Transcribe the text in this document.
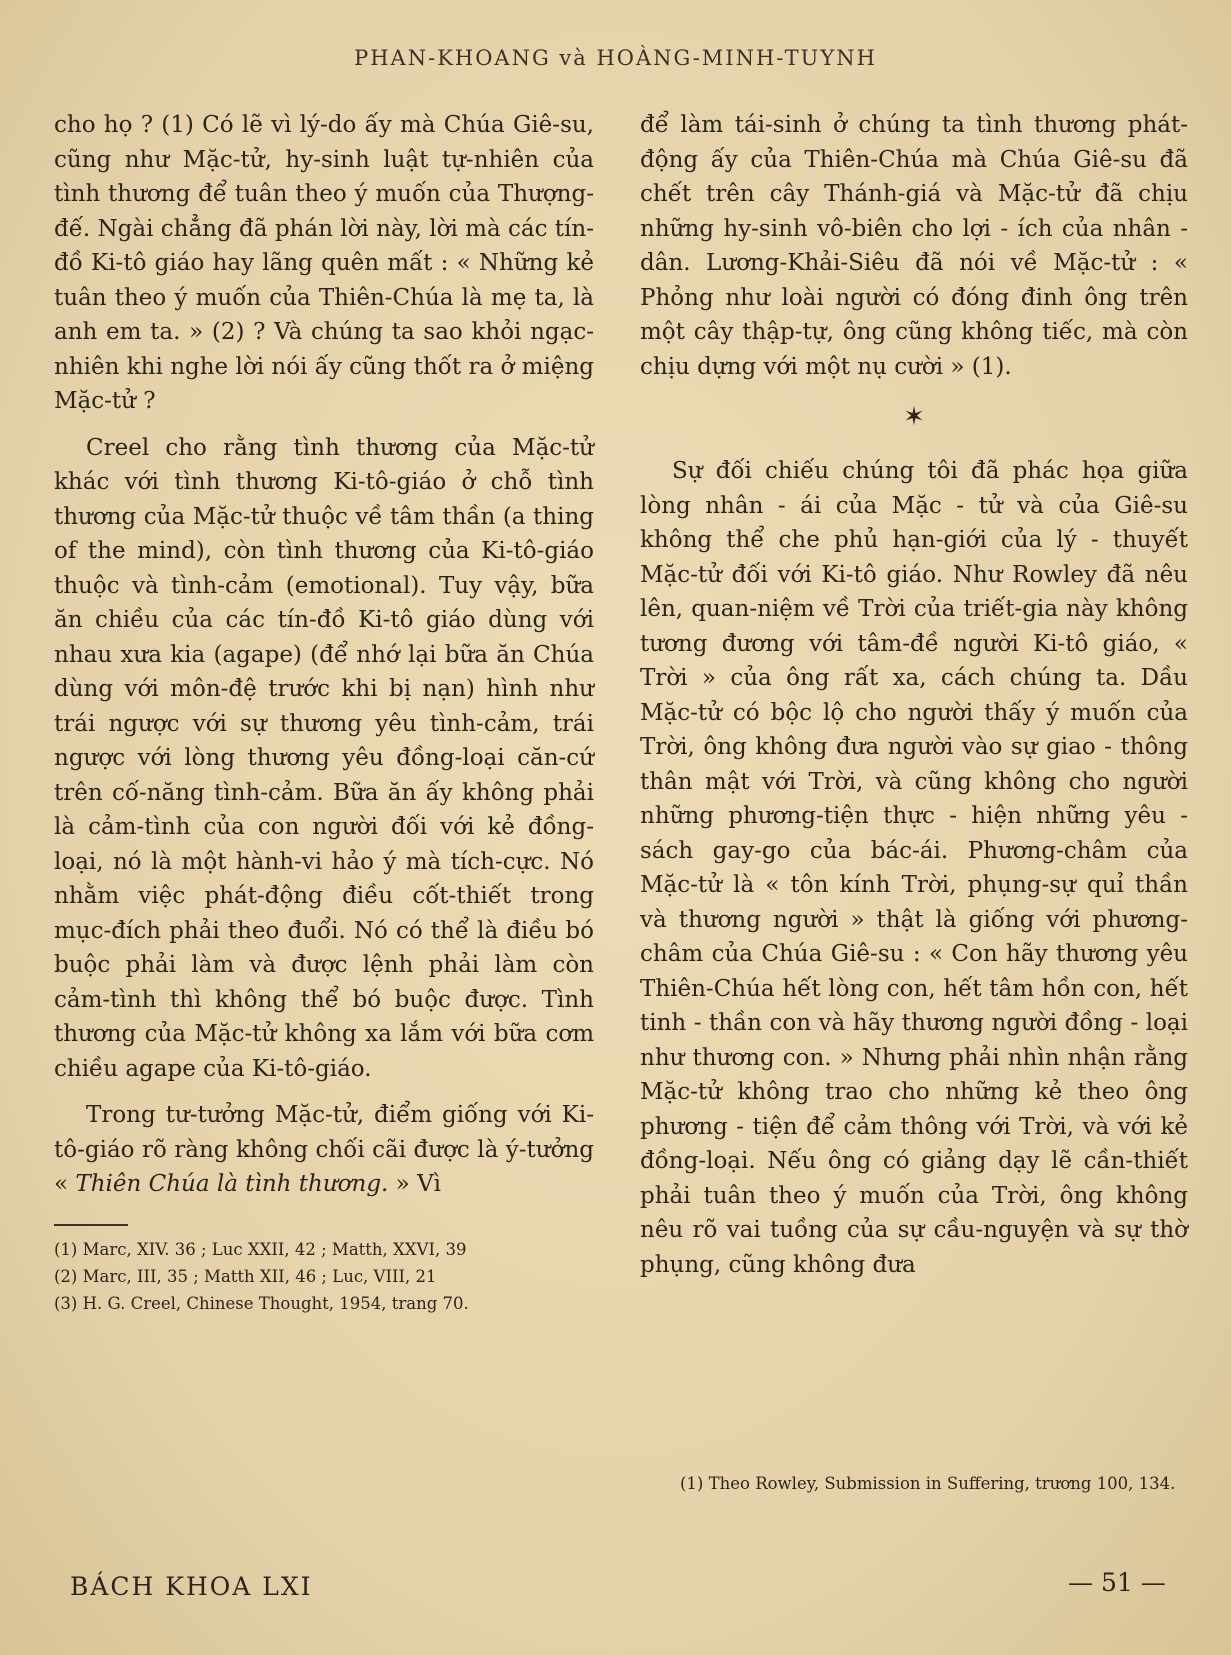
PHAN-KHOANG và HOÀNG-MINH-TUYNH

cho họ ? (1) Có lẽ vì lý-do ấy mà Chúa Giê-su, cũng như Mặc-tử, hy-sinh luật tự-nhiên của tình thương để tuân theo ý muốn của Thượng-đế. Ngài chẳng đã phán lời này, lời mà các tín-đồ Ki-tô giáo hay lãng quên mất : « Những kẻ tuân theo ý muốn của Thiên-Chúa là mẹ ta, là anh em ta. » (2) ? Và chúng ta sao khỏi ngạc-nhiên khi nghe lời nói ấy cũng thốt ra ở miệng Mặc-tử ?

Creel cho rằng tình thương của Mặc-tử khác với tình thương Ki-tô-giáo ở chỗ tình thương của Mặc-tử thuộc về tâm thần (a thing of the mind), còn tình thương của Ki-tô-giáo thuộc và tình-cảm (emotional). Tuy vậy, bữa ăn chiều của các tín-đồ Ki-tô giáo dùng với nhau xưa kia (agape) (để nhớ lại bữa ăn Chúa dùng với môn-đệ trước khi bị nạn) hình như trái ngược với sự thương yêu tình-cảm, trái ngược với lòng thương yêu đồng-loại căn-cứ trên cố-năng tình-cảm. Bữa ăn ấy không phải là cảm-tình của con người đối với kẻ đồng-loại, nó là một hành-vi hảo ý mà tích-cực. Nó nhằm việc phát-động điều cốt-thiết trong mục-đích phải theo đuổi. Nó có thể là điều bó buộc phải làm và được lệnh phải làm còn cảm-tình thì không thể bó buộc được. Tình thương của Mặc-tử không xa lắm với bữa cơm chiều agape của Ki-tô-giáo.

Trong tư-tưởng Mặc-tử, điểm giống với Ki-tô-giáo rõ ràng không chối cãi được là ý-tưởng « Thiên Chúa là tình thương. » Vì

(1) Marc, XIV. 36 ; Luc XXII, 42 ; Matth, XXVI, 39

(2) Marc, III, 35 ; Matth XII, 46 ; Luc, VIII, 21

(3) H. G. Creel, Chinese Thought, 1954, trang 70.

để làm tái-sinh ở chúng ta tình thương phát-động ấy của Thiên-Chúa mà Chúa Giê-su đã chết trên cây Thánh-giá và Mặc-tử đã chịu những hy-sinh vô-biên cho lợi - ích của nhân - dân. Lương-Khải-Siêu đã nói về Mặc-tử : « Phỏng như loài người có đóng đinh ông trên một cây thập-tự, ông cũng không tiếc, mà còn chịu dựng với một nụ cười » (1).

✶

Sự đối chiếu chúng tôi đã phác họa giữa lòng nhân - ái của Mặc - tử và của Giê-su không thể che phủ hạn-giới của lý - thuyết Mặc-tử đối với Ki-tô giáo. Như Rowley đã nêu lên, quan-niệm về Trời của triết-gia này không tương đương với tâm-đề người Ki-tô giáo, « Trời » của ông rất xa, cách chúng ta. Dầu Mặc-tử có bộc lộ cho người thấy ý muốn của Trời, ông không đưa người vào sự giao - thông thân mật với Trời, và cũng không cho người những phương-tiện thực - hiện những yêu - sách gay-go của bác-ái. Phương-châm của Mặc-tử là « tôn kính Trời, phụng-sự quỉ thần và thương người » thật là giống với phương-châm của Chúa Giê-su : « Con hãy thương yêu Thiên-Chúa hết lòng con, hết tâm hồn con, hết tinh - thần con và hãy thương người đồng - loại như thương con. » Nhưng phải nhìn nhận rằng Mặc-tử không trao cho những kẻ theo ông phương - tiện để cảm thông với Trời, và với kẻ đồng-loại. Nếu ông có giảng dạy lẽ cần-thiết phải tuân theo ý muốn của Trời, ông không nêu rõ vai tuồng của sự cầu-nguyện và sự thờ phụng, cũng không đưa

(1) Theo Rowley, Submission in Suffering, trương 100, 134.

BÁCH KHOA LXI	— 51 —
